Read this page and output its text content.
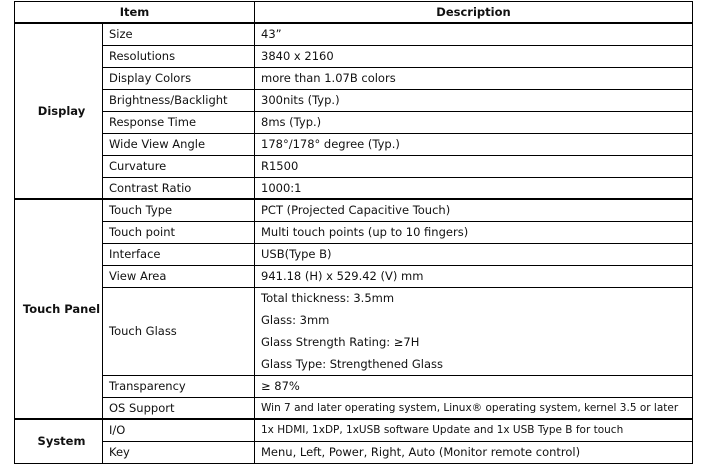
Item		Description
Display	Size	43”
	Resolutions	3840 x 2160
	Display Colors	more than 1.07B colors
	Brightness/Backlight	300nits (Typ.)
	Response Time	8ms (Typ.)
	Wide View Angle	178°/178° degree (Typ.)
	Curvature	R1500
	Contrast Ratio	1000:1
Touch Panel	Touch Type	PCT (Projected Capacitive Touch)
	Touch point	Multi touch points (up to 10 fingers)
	Interface	USB(Type B)
	View Area	941.18 (H) x 529.42 (V) mm
	Touch Glass	Total thickness: 3.5mm
		Glass: 3mm
		Glass Strength Rating: ≥7H
		Glass Type: Strengthened Glass
	Transparency	≥ 87%
	OS Support	Win 7 and later operating system, Linux® operating system, kernel 3.5 or later
System	I/O	1x HDMI, 1xDP, 1xUSB software Update and 1x USB Type B for touch
	Key	Menu, Left, Power, Right, Auto (Monitor remote control)
